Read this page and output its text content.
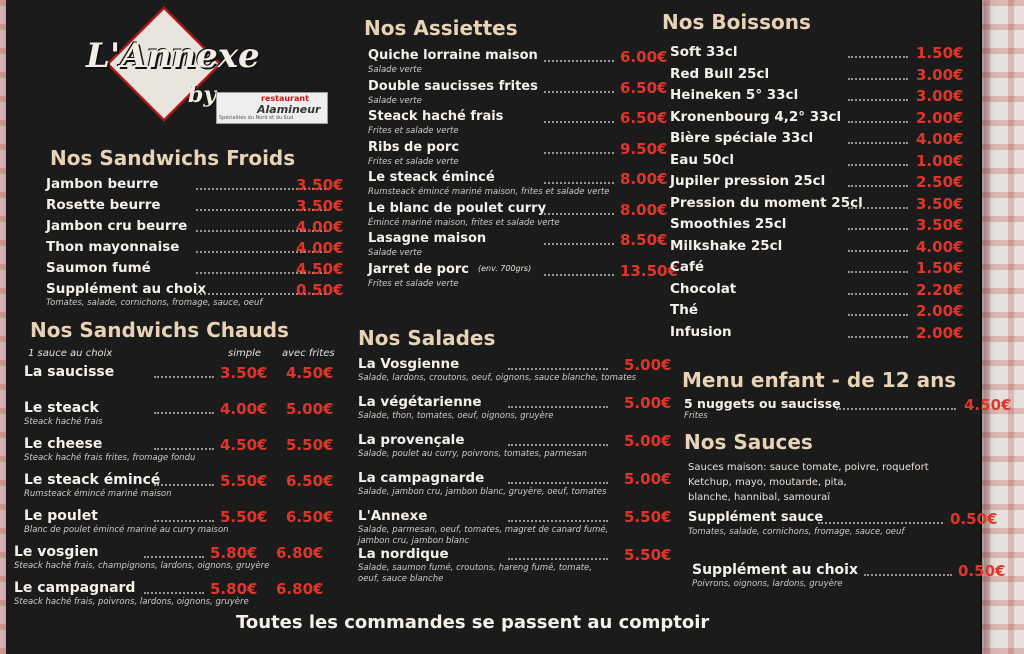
L'Annexe
by	restaurant
Alamineur
Spécialités du Nord et du Sud
Nos Sandwichs Froids
Jambon beurre	3.50€
Rosette beurre	3.50€
Jambon cru beurre	4.00€
Thon mayonnaise	4.00€
Saumon fumé	4.50€
Supplément au choix	0.50€
Tomates, salade, cornichons, fromage, sauce, oeuf
Nos Sandwichs Chauds
1 sauce au choix	simple avec frites
La saucisse	3.50€ 4.50€
Le steack	4.00€ 5.00€
Steack haché frais
Le cheese	4.50€ 5.50€
Steack haché frais frites, fromage fondu
Le steack émincé	5.50€ 6.50€
Rumsteack émincé mariné maison
Le poulet	5.50€ 6.50€
Blanc de poulet émincé mariné au curry maison
Le vosgien	5.80€ 6.80€
Steack haché frais, champignons, lardons, oignons, gruyère
Le campagnard	5.80€ 6.80€
Steack haché frais, poivrons, lardons, oignons, gruyère
Nos Assiettes
Quiche lorraine maison	6.00€
Salade verte
Double saucisses frites	6.50€
Salade verte
Steack haché frais	6.50€
Frites et salade verte
Ribs de porc	9.50€
Frites et salade verte
Le steack émincé	8.00€
Rumsteack émincé mariné maison, frites et salade verte
Le blanc de poulet curry	8.00€
Émincé mariné maison, frites et salade verte
Lasagne maison	8.50€
Salade verte
Jarret de porc (env. 700grs)	13.50€
Frites et salade verte
Nos Salades
La Vosgienne	5.00€
Salade, lardons, croutons, oeuf, oignons, sauce blanche, tomates
La végétarienne	5.00€
Salade, thon, tomates, oeuf, oignons, gruyère
La provençale	5.00€
Salade, poulet au curry, poivrons, tomates, parmesan
La campagnarde	5.00€
Salade, jambon cru, jambon blanc, gruyère, oeuf, tomates
L'Annexe	5.50€
Salade, parmesan, oeuf, tomates, magret de canard fumé,
jambon cru, jambon blanc
La nordique	5.50€
Salade, saumon fumé, croutons, hareng fumé, tomate,
oeuf, sauce blanche
Nos Boissons
Soft 33cl	1.50€
Red Bull 25cl	3.00€
Heineken 5° 33cl	3.00€
Kronenbourg 4,2° 33cl	2.00€
Bière spéciale 33cl	4.00€
Eau 50cl	1.00€
Jupiler pression 25cl	2.50€
Pression du moment 25cl	3.50€
Smoothies 25cl	3.50€
Milkshake 25cl	4.00€
Café	1.50€
Chocolat	2.20€
Thé	2.00€
Infusion	2.00€
Menu enfant - de 12 ans
5 nuggets ou saucisse	4.50€
Frites
Nos Sauces
Sauces maison: sauce tomate, poivre, roquefort
Ketchup, mayo, moutarde, pita,
blanche, hannibal, samouraï
Supplément sauce	0.50€
Tomates, salade, cornichons, fromage, sauce, oeuf
Supplément au choix	0.50€
Poivrons, oignons, lardons, gruyère
Toutes les commandes se passent au comptoir
